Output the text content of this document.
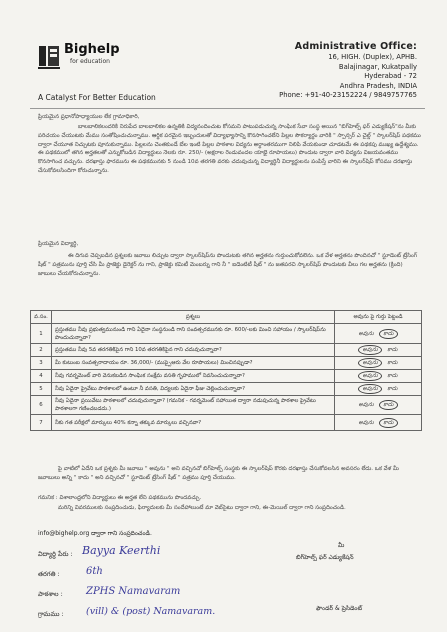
Bighelp
for education
A Catalyst For Better Education
Administrative Office:
16, HIGH. (Duplex), APHB.
Balajinagar, Kukatpally
Hyderabad - 72
Andhra Pradesh, INDIA
Phone: +91-40-23152224 / 9849757765
ప్రియమైన ప్రధానోపాధ్యాయుల లేక గ్రామాధికారి,
బాలబాలికలందరికి నిరుపేద బాలబాలికల ఉన్నతికి విద్యనందించుట కోసమని పాటుపడుచున్న సాంఘిక సేవా సంస్థ అయిన "బిగ్‌హెల్ప్ ఫర్ ఎడ్యుకేషన్"ను మీకు పరిచయం చేయుటకు మేము సంతోషించుచున్నాము. ఆర్థిక పరమైన ఇబ్బందులతో విద్యాభ్యాసాన్ని కొనసాగించలేని పిల్లల సౌకర్యార్థం వారికి " స్పాన్సర్ ఎ చైల్డ్ " స్కాలర్‌షిప్ పథకము ద్వారా చేయూత నిచ్చుటకు పూనుకున్నాము. పిల్లలను చెంతకుండే బేల ఇంటి పిల్లల పాఠశాల విద్యను అర్థాంతరముగా నిలిపి వేయకుండా చూడటమే ఈ పథకపు ముఖ్య ఉద్దేశ్యము. ఈ పథకములో తగిన అర్హతలతో ఎన్నుకోబడిన విద్యార్థులు నెలకు రూ. 250/- (అక్షరాల రెండువందల యాభై రూపాయలు) పొందుట ద్వారా వారి విద్యను విజయవంతము కొనసాగించ వచ్చును. దరఖాస్తు ఫారమును ఈ పథకమునకు 5 నుండి 10వ తరగతి వరకు చదువుచున్న విద్యార్థినీ విద్యార్థులను పంపిస్తే వారిని ఈ స్కాలర్‌షిప్ కోసము దరఖాస్తు చేసుకోవలసిందిగా కోరుచున్నాను.
ప్రియమైన విద్యార్థి,
ఈ దిగువ చెప్పబడిన ప్రశ్నలకు జవాబు లిచ్చుట ద్వారా స్కాలర్‌షిప్‌ను పొందుటకు తగిన అర్హతను గుర్తుంచుకోవలెను. ఒక వేళ అర్హతను పొందినచో " స్టూడెంట్ ట్రేసింగ్ షీట్ " పత్రమును పూర్తి చేసి మీ ప్రాజెక్టు డైరెక్టర్ ను గాని, ప్రాజెక్టు కమిటీ మెంబర్ను గాని నీ " ఐడెంటిటీ షీట్ " ను జతపరచి స్కాలర్‌షిప్ పొందుటకు వీలు గల అర్హతను (క్రింది) జాబులు చేయకోరుచున్నాను.
వ.సం.	ప్రశ్నలు	అవును పై గుర్తు పెట్టండి
1	ప్రస్తుతము నీవు ప్రభుత్వమునుండి గాని ఏదైనా సంస్థనుండి గాని సంవత్సరమునకు రూ. 600/-లకు మించి సహాయం / స్కాలర్‌షిప్‌ను పొందుచున్నావా?	అవును  కాదు
2	ప్రస్తుతము నీవు 5వ తరగతికిపైన గాని 10వ తరగతికిపైన గాని చదువుచున్నావా?	అవును  కాదు
3	మీ కుటుంబ సంవత్సరాదాయం రూ. 36,000/- (ముప్పైఆరు వేల రూపాయలు) మించినప్పుడా?	అవును  కాదు
4	నీవు గవర్నమెంట్ వారి వెనుకబడిన సాంఘిక సంక్షేమ వసతి గృహములో నివసించుచున్నావా?	అవును  కాదు
5	నీవు ఏదైనా ప్రైవేటు పాఠశాలలో ఉంటూ నీ వసతి, విద్యలకు ఏదైనా ఫీజు చెల్లించుచున్నావా?	అవును  కాదు
6	నీవు ఏదైనా ప్రయివేటు పాఠశాలలో చదువుచున్నావా? (గమనిక - గవర్నమెంట్ సహాయిత ద్వారా నడుపుచున్న పాఠశాల ప్రైవేటు పాఠశాలగా గణించబడదు.)	అవును  కాదు
7	నీకు గత పరీక్షలో మార్కులు 40% కన్నా తక్కువ మార్కులు వచ్చినవా?	అవును  కాదు
పై వాటిలో ఏదేని ఒక ప్రశ్నకు మీ జవాబు " అవును " అని వచ్చినచో బిగ్‌హెల్ప్ సంస్థకు ఈ స్కాలర్‌షిప్ కొరకు దరఖాస్తు చేసుకోవలసిన అవసరం లేదు. ఒక వేళ మీ జవాబులు అన్ని " కాదు " అని వచ్చినచో " స్టూడెంట్ ట్రేసింగ్ షీట్ " పత్రము పూర్తి చేయుము.
గమనిక : విశాలాంధ్రలోని విద్యార్థులు ఈ అర్హత లేని పథకమును పొందవచ్చు.
మరిన్ని వివరములకు సంప్రదించుడు, ఫిర్యాదులకు మీ సందేహాలుంటే మా వెబ్‌సైటు ద్వారా గాని, ఈ-మెయిల్ ద్వారా గాని సంప్రదించండి.
info@bighelp.org ద్వారా గాని సంప్రదించండి.
విద్యార్థి పేరు : Bayya Keerthi
తరగతి :	6th
పాఠశాల : ZPHS Namavaram
గ్రామము : (vill) & (post) Namavaram.
మీ
బిగ్‌హెల్ప్ ఫర్ ఎడ్యుకేషన్
ఫౌండర్ & ప్రెసిడెంట్
